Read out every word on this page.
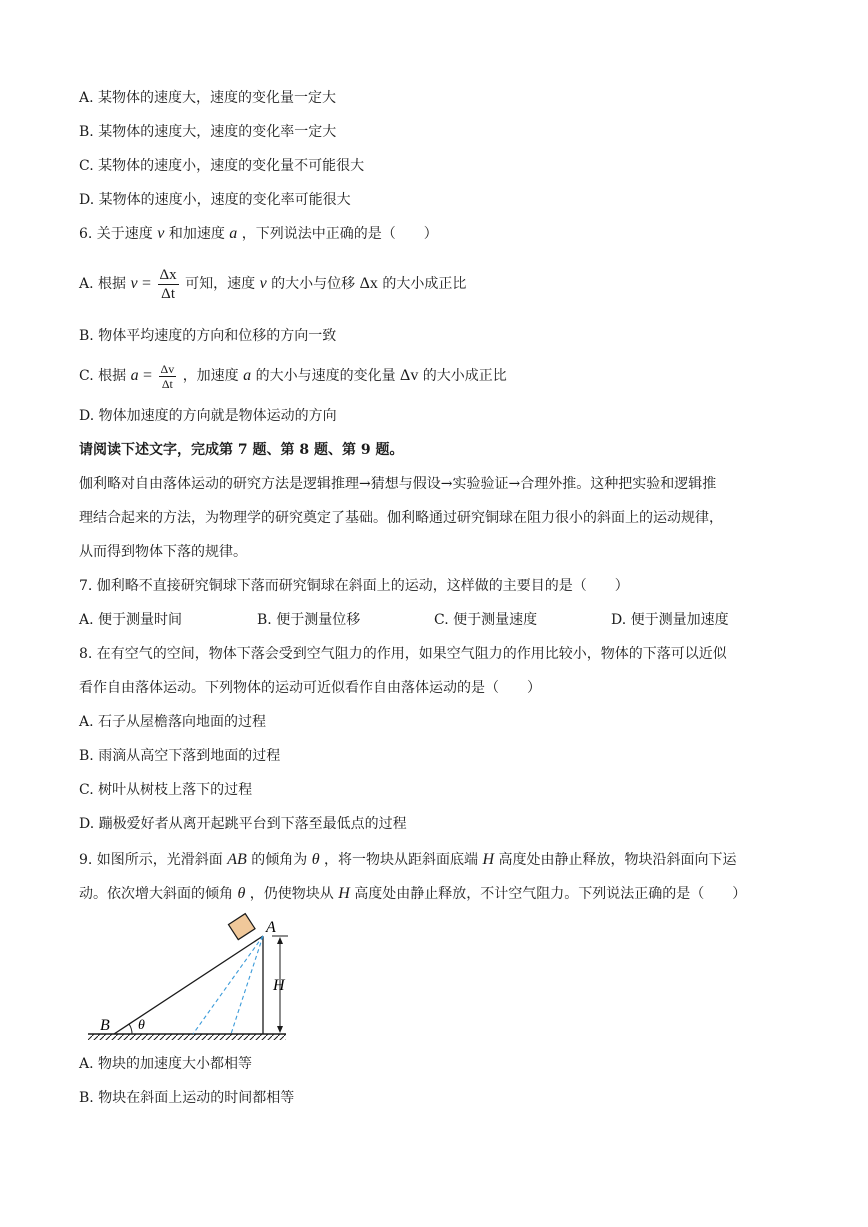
A. 某物体的速度大，速度的变化量一定大
B. 某物体的速度大，速度的变化率一定大
C. 某物体的速度小，速度的变化量不可能很大
D. 某物体的速度小，速度的变化率可能很大
6. 关于速度 v 和加速度 a ，下列说法中正确的是（　　）
A. 根据 $v = \frac{\Delta x}{\Delta t}$ 可知，速度 v 的大小与位移 Δx 的大小成正比
B. 物体平均速度的方向和位移的方向一致
C. 根据 $a = \frac{\Delta v}{\Delta t}$ ，加速度 a 的大小与速度的变化量 Δv 的大小成正比
D. 物体加速度的方向就是物体运动的方向
请阅读下述文字，完成第 7 题、第 8 题、第 9 题。
伽利略对自由落体运动的研究方法是逻辑推理→猜想与假设→实验验证→合理外推。这种把实验和逻辑推
理结合起来的方法，为物理学的研究奠定了基础。伽利略通过研究铜球在阻力很小的斜面上的运动规律，
从而得到物体下落的规律。
7. 伽利略不直接研究铜球下落而研究铜球在斜面上的运动，这样做的主要目的是（　　）
A. 便于测量时间	B. 便于测量位移	C. 便于测量速度	D. 便于测量加速度
8. 在有空气的空间，物体下落会受到空气阻力的作用，如果空气阻力的作用比较小，物体的下落可以近似
看作自由落体运动。下列物体的运动可近似看作自由落体运动的是（　　）
A. 石子从屋檐落向地面的过程
B. 雨滴从高空下落到地面的过程
C. 树叶从树枝上落下的过程
D. 蹦极爱好者从离开起跳平台到下落至最低点的过程
9. 如图所示，光滑斜面 AB 的倾角为 θ ，将一物块从距斜面底端 H 高度处由静止释放，物块沿斜面向下运
动。依次增大斜面的倾角 θ ，仍使物块从 H 高度处由静止释放，不计空气阻力。下列说法正确的是（　　）
A
B
H
θ
A. 物块的加速度大小都相等
B. 物块在斜面上运动的时间都相等
